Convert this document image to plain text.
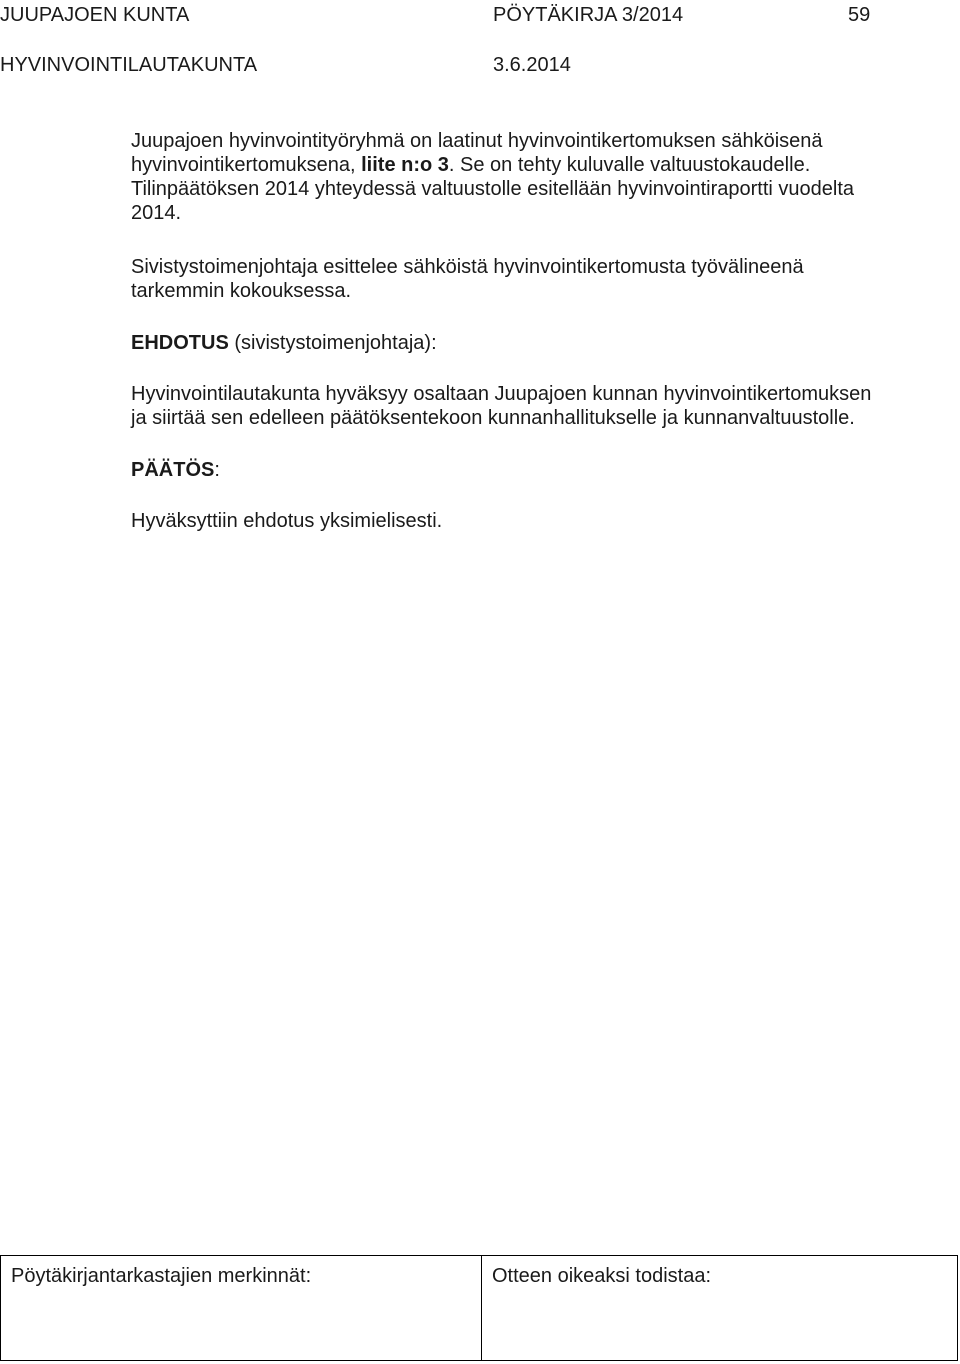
JUUPAJOEN KUNTA	PÖYTÄKIRJA 3/2014	59
HYVINVOINTILAUTAKUNTA	3.6.2014
Juupajoen hyvinvointityöryhmä on laatinut hyvinvointikertomuksen sähköisenä
hyvinvointikertomuksena, liite n:o 3. Se on tehty kuluvalle valtuustokaudelle.
Tilinpäätöksen 2014 yhteydessä valtuustolle esitellään hyvinvointiraportti vuodelta
2014.
Sivistystoimenjohtaja esittelee sähköistä hyvinvointikertomusta työvälineenä
tarkemmin kokouksessa.
EHDOTUS (sivistystoimenjohtaja):
Hyvinvointilautakunta hyväksyy osaltaan Juupajoen kunnan hyvinvointikertomuksen
ja siirtää sen edelleen päätöksentekoon kunnanhallitukselle ja kunnanvaltuustolle.
PÄÄTÖS:
Hyväksyttiin ehdotus yksimielisesti.
Pöytäkirjantarkastajien merkinnät:	Otteen oikeaksi todistaa:
